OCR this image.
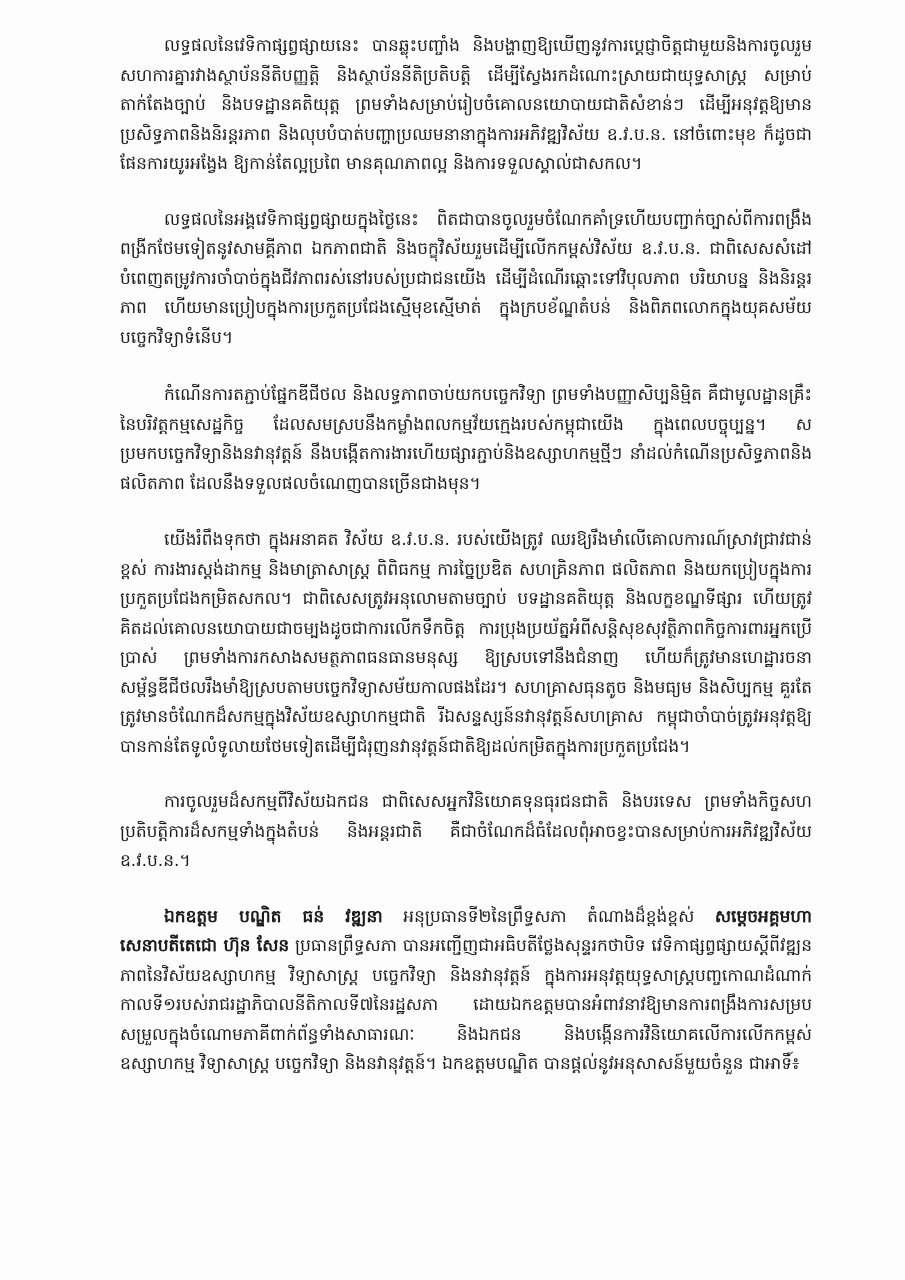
លទ្ធផលនៃវេទិកាផ្សព្វផ្សាយនេះ បានឆ្លុះបញ្ចាំង និងបង្ហាញឱ្យឃើញនូវការប្តេជ្ញាចិត្តជាមួយនិងការចូលរួមសហការគ្នារវាងស្ថាប័ននីតិបញ្ញត្តិ និងស្ថាប័ននីតិប្រតិបត្តិ ដើម្បីស្វែងរកដំណោះស្រាយជាយុទ្ធសាស្ត្រ សម្រាប់តាក់តែងច្បាប់ និងបទដ្ឋានគតិយុត្ត ព្រមទាំងសម្រាប់រៀបចំគោលនយោបាយជាតិសំខាន់ៗ ដើម្បីអនុវត្តឱ្យមានប្រសិទ្ធភាពនិងនិរន្តរភាព និងលុបបំបាត់បញ្ហាប្រឈមនានាក្នុងការអភិវឌ្ឍវិស័យ ឧ.វ.ប.ន. នៅចំពោះមុខ ក៏ដូចជាផែនការយូរអង្វែង ឱ្យកាន់តែល្អប្រពៃ មានគុណភាពល្អ និងការទទួលស្គាល់ជាសកល។

លទ្ធផលនៃអង្គវេទិកាផ្សព្វផ្សាយក្នុងថ្ងៃនេះ ពិតជាបានចូលរួមចំណែកគាំទ្រហើយបញ្ជាក់ច្បាស់ពីការពង្រឹងពង្រីកថែមទៀតនូវសាមគ្គីភាព ឯកភាពជាតិ និងចក្ខុវិស័យរួមដើម្បីលើកកម្ពស់វិស័យ ឧ.វ.ប.ន. ជាពិសេសសំដៅបំពេញតម្រូវការចាំបាច់ក្នុងជីវភាពរស់នៅរបស់ប្រជាជនយើង ដើម្បីដំណើរឆ្ពោះទៅវិបុលភាព បរិយាបន្ន និងនិរន្តរភាព ហើយមានប្រៀបក្នុងការប្រកួតប្រជែងស្មើមុខស្មើមាត់ ក្នុងក្របខ័ណ្ឌតំបន់ និងពិភពលោកក្នុងយុគសម័យបច្ចេកវិទ្យាទំនើប។

កំណើនការតភ្ជាប់ផ្នែកឌីជីថល និងលទ្ធភាពចាប់យកបច្ចេកវិទ្យា ព្រមទាំងបញ្ញាសិប្បនិម្មិត គឺជាមូលដ្ឋានគ្រឹះនៃបរិវត្តកម្មសេដ្ឋកិច្ច ដែលសមស្របនឹងកម្លាំងពលកម្មវ័យក្មេងរបស់កម្ពុជាយើង ក្នុងពេលបច្ចុប្បន្ន។ សប្រមកបច្ចេកវិទ្យានិងនវានុវត្តន៍ នឹងបង្កើតការងារហើយផ្សារភ្ជាប់និងឧស្សាហកម្មថ្មីៗ នាំដល់កំណើនប្រសិទ្ធភាពនិងផលិតភាព ដែលនឹងទទួលផលចំណេញបានច្រើនជាងមុន។

យើងរំពឹងទុកថា ក្នុងអនាគត វិស័យ ឧ.វ.ប.ន. របស់យើងត្រូវ ឈរឱ្យរឹងមាំលើគោលការណ៍ស្រាវជ្រាវជាន់ខ្ពស់ ការងារស្តង់ដាកម្ម និងមាត្រាសាស្ត្រ ពិពិធកម្ម ការច្នៃប្រឌិត សហគ្រិនភាព ផលិតភាព និងយកប្រៀបក្នុងការប្រកួតប្រជែងកម្រិតសកល។ ជាពិសេសត្រូវអនុលោមតាមច្បាប់ បទដ្ឋានគតិយុត្ត និងលក្ខខណ្ឌទីផ្សារ ហើយត្រូវគិតដល់គោលនយោបាយជាចម្បងដូចជាការលើកទឹកចិត្ត ការប្រុងប្រយ័ត្នអំពីសន្តិសុខសុវត្ថិភាពកិច្ចការពារអ្នកប្រើប្រាស់ ព្រមទាំងការកសាងសមត្ថភាពធនធានមនុស្ស ឱ្យស្របទៅនឹងជំនាញ ហើយក៏ត្រូវមានហេដ្ឋារចនាសម្ព័ន្ធឌីជីថលរឹងមាំឱ្យស្របតាមបច្ចេកវិទ្យាសម័យកាលផងដែរ។ សហគ្រាសធុនតូច និងមធ្យម និងសិប្បកម្ម គួរតែត្រូវមានចំណែកដ៏សកម្មក្នុងវិស័យឧស្សាហកម្មជាតិ រីឯសន្ទស្សន៍នវានុវត្តន៍សហគ្រាស កម្ពុជាចាំបាច់ត្រូវអនុវត្តឱ្យបានកាន់តែទូលំទូលាយថែមទៀតដើម្បីជំរុញនវានុវត្តន៍ជាតិឱ្យដល់កម្រិតក្នុងការប្រកួតប្រជែង។

ការចូលរួមដ៏សកម្មពីវិស័យឯកជន ជាពិសេសអ្នកវិនិយោគទុនធុរជនជាតិ និងបរទេស ព្រមទាំងកិច្ចសហប្រតិបត្តិការដ៏សកម្មទាំងក្នុងតំបន់ និងអន្តរជាតិ គឺជាចំណែកដ៏ធំដែលពុំអាចខ្វះបានសម្រាប់ការអភិវឌ្ឍវិស័យ ឧ.វ.ប.ន.។

ឯកឧត្តម បណ្ឌិត ធន់ វឌ្ឍនា អនុប្រធានទី២នៃព្រឹទ្ធសភា តំណាងដ៏ខ្ពង់ខ្ពស់ សម្តេចអគ្គមហាសេនាបតីតេជោ ហ៊ុន សែន ប្រធានព្រឹទ្ធសភា បានអញ្ជើញជាអធិបតីថ្លែងសុន្ទរកថាបិទ វេទិកាផ្សព្វផ្សាយស្តីពីវឌ្ឍនភាពនៃវិស័យឧស្សាហកម្ម វិទ្យាសាស្ត្រ បច្ចេកវិទ្យា និងនវានុវត្តន៍ ក្នុងការអនុវត្តយុទ្ធសាស្ត្របញ្ចកោណដំណាក់កាលទី១របស់រាជរដ្ឋាភិបាលនីតិកាលទី៧នៃរដ្ឋសភា ដោយឯកឧត្តមបានអំពាវនាវឱ្យមានការពង្រឹងការសម្របសម្រួលក្នុងចំណោមភាគីពាក់ព័ន្ធទាំងសាធារណៈ និងឯកជន និងបង្កើនការវិនិយោគលើការលើកកម្ពស់ ឧស្សាហកម្ម វិទ្យាសាស្ត្រ បច្ចេកវិទ្យា និងនវានុវត្តន៍។ ឯកឧត្តមបណ្ឌិត បានផ្តល់នូវអនុសាសន៍មួយចំនួន ជាអាទិ៍៖
